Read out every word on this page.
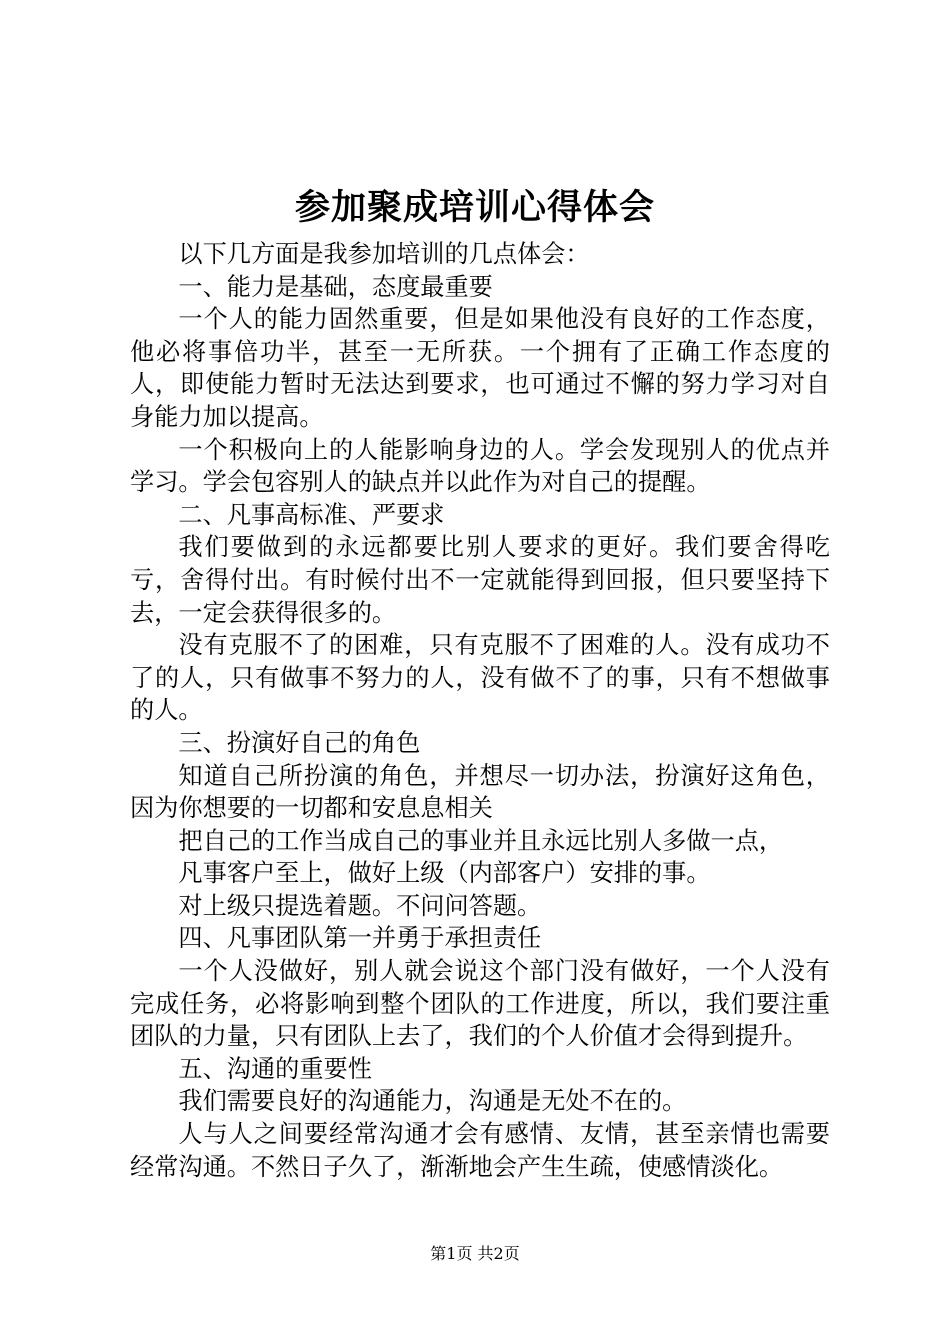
参加聚成培训心得体会

以下几方面是我参加培训的几点体会：

一、能力是基础，态度最重要

一个人的能力固然重要，但是如果他没有良好的工作态度，他必将事倍功半，甚至一无所获。一个拥有了正确工作态度的人，即使能力暂时无法达到要求，也可通过不懈的努力学习对自身能力加以提高。

一个积极向上的人能影响身边的人。学会发现别人的优点并学习。学会包容别人的缺点并以此作为对自己的提醒。

二、凡事高标准、严要求

我们要做到的永远都要比别人要求的更好。我们要舍得吃亏，舍得付出。有时候付出不一定就能得到回报，但只要坚持下去，一定会获得很多的。

没有克服不了的困难，只有克服不了困难的人。没有成功不了的人，只有做事不努力的人，没有做不了的事，只有不想做事的人。

三、扮演好自己的角色

知道自己所扮演的角色，并想尽一切办法，扮演好这角色，因为你想要的一切都和安息息相关

把自己的工作当成自己的事业并且永远比别人多做一点，

凡事客户至上，做好上级（内部客户）安排的事。

对上级只提选着题。不问问答题。

四、凡事团队第一并勇于承担责任

一个人没做好，别人就会说这个部门没有做好，一个人没有完成任务，必将影响到整个团队的工作进度，所以，我们要注重团队的力量，只有团队上去了，我们的个人价值才会得到提升。

五、沟通的重要性

我们需要良好的沟通能力，沟通是无处不在的。

人与人之间要经常沟通才会有感情、友情，甚至亲情也需要经常沟通。不然日子久了，渐渐地会产生生疏，使感情淡化。

第1页 共2页
